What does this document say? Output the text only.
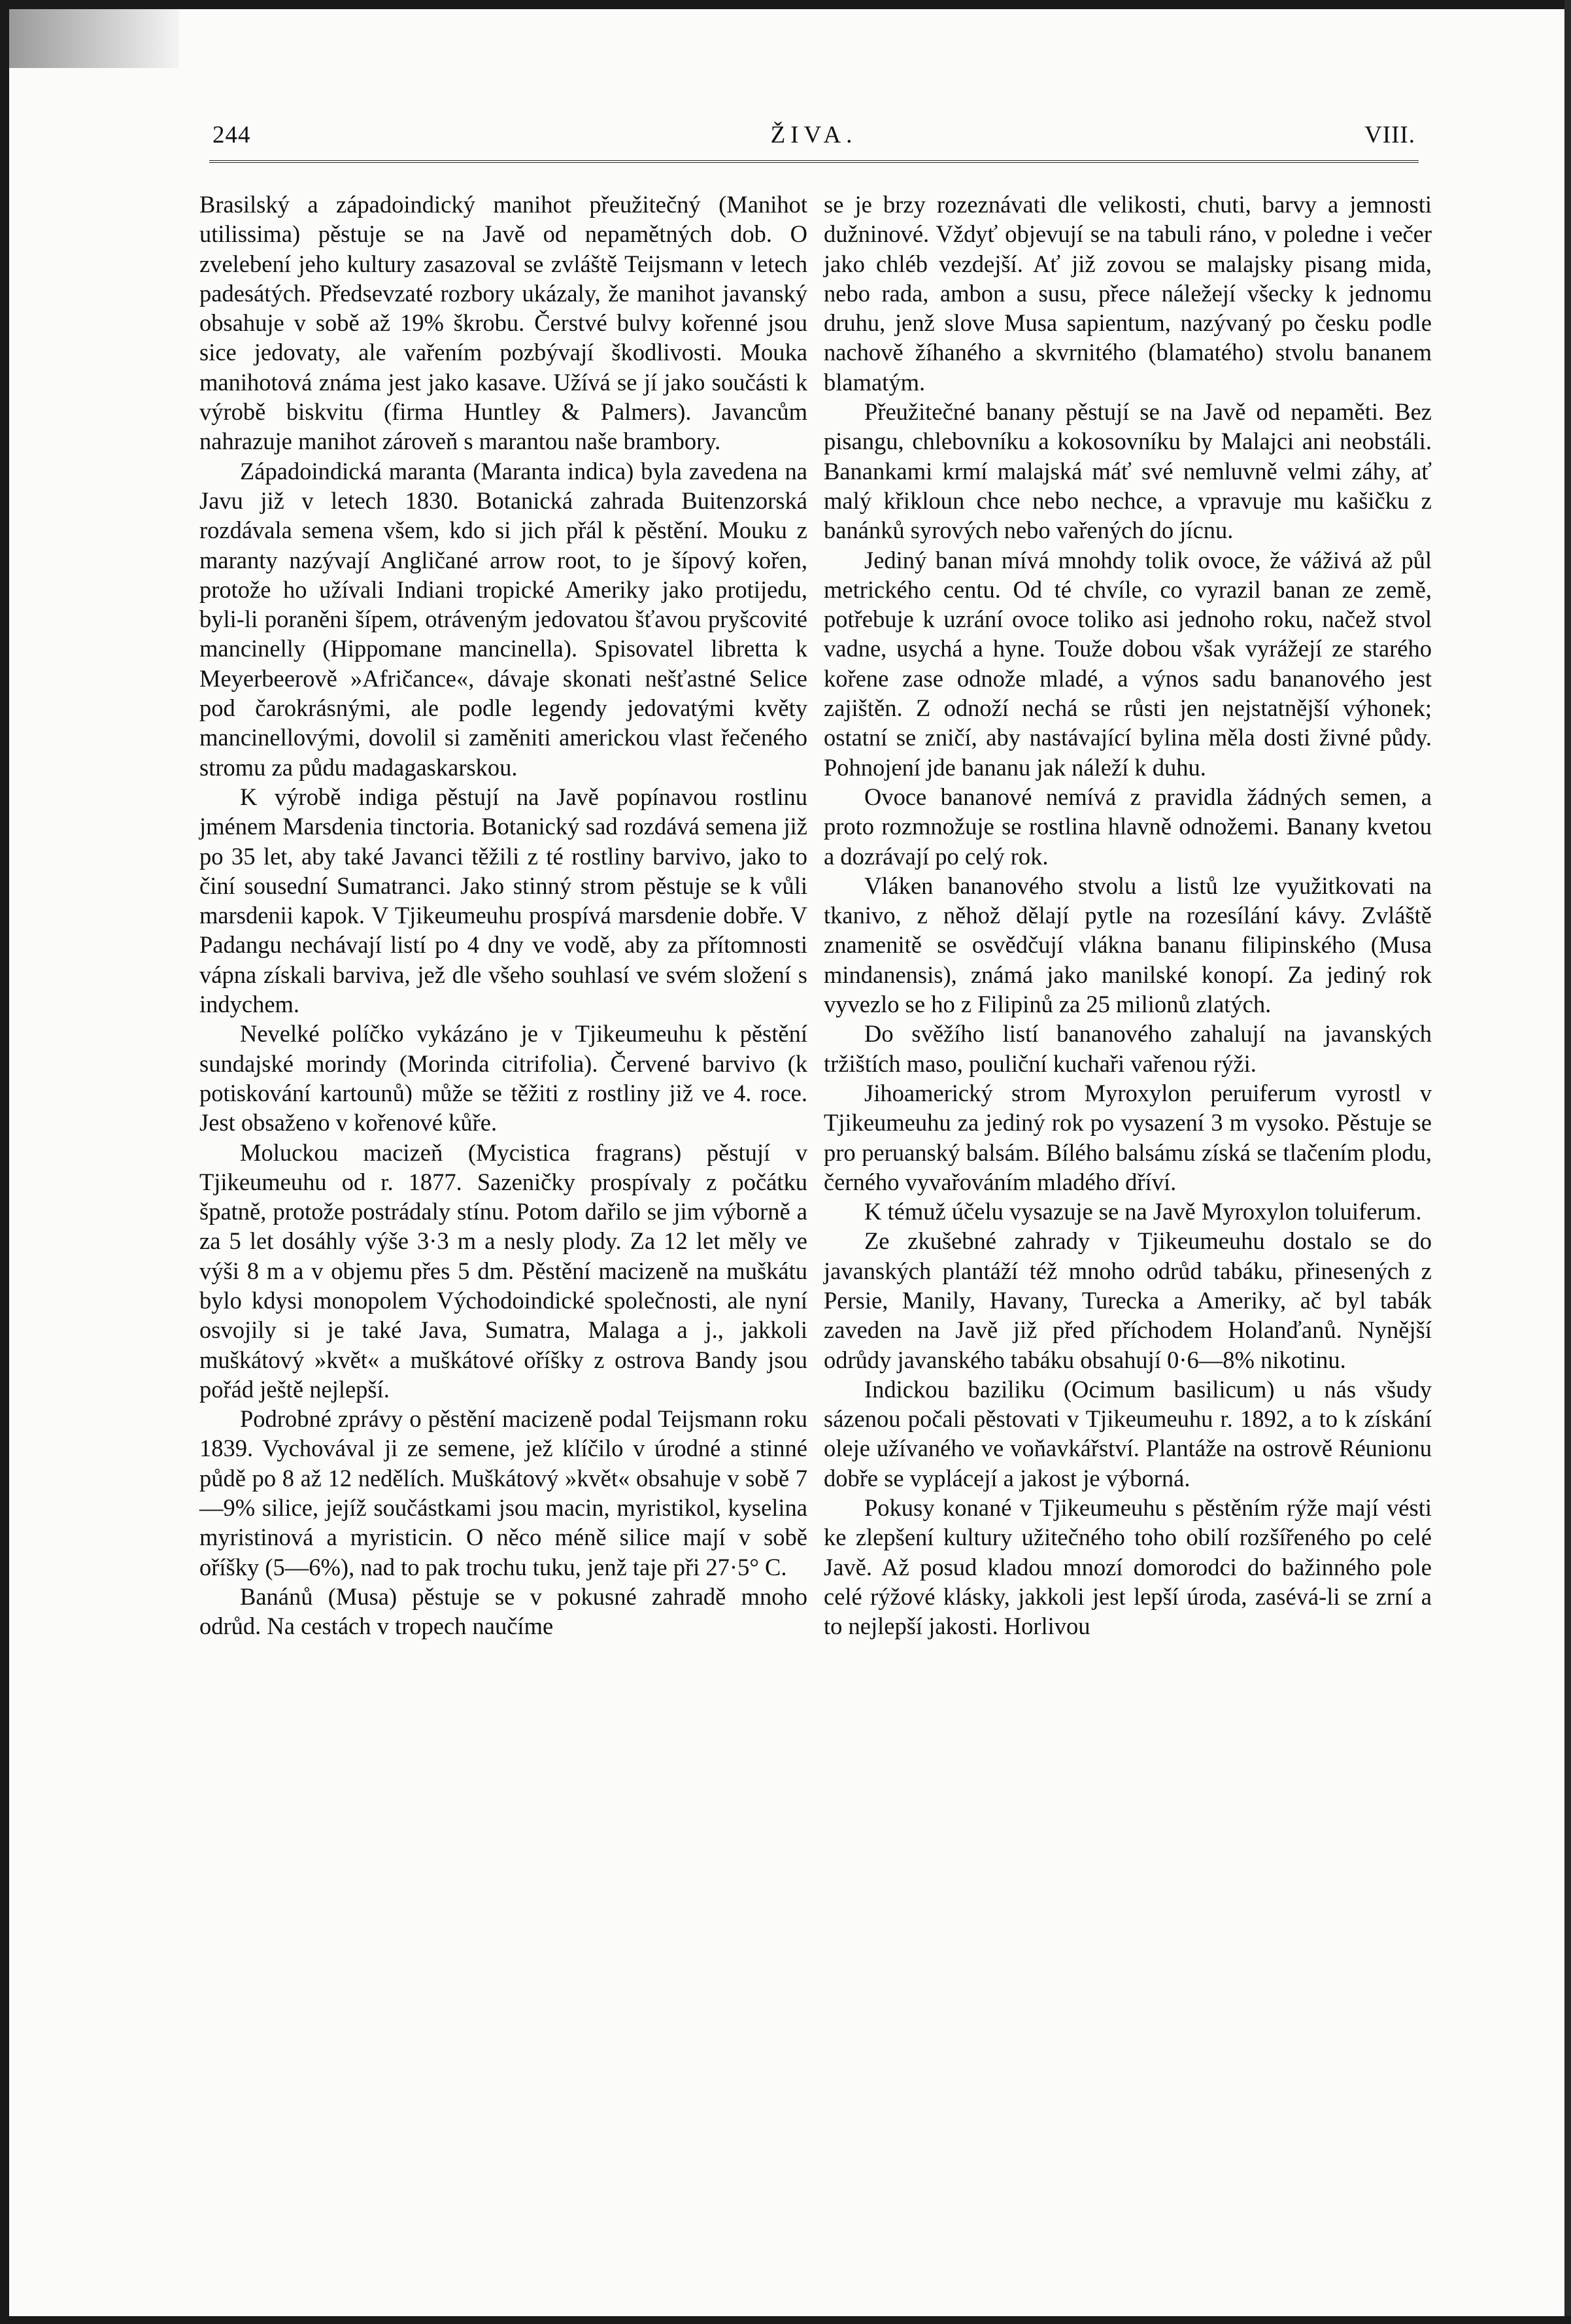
244	ŽIVA.	VIII.

Brasilský a západoindický manihot přeužitečný (Manihot utilissima) pěstuje se na Javě od nepamětných dob. O zvelebení jeho kultury zasazoval se zvláště Teijsmann v letech padesátých. Předsevzaté rozbory ukázaly, že manihot javanský obsahuje v sobě až 19% škrobu. Čerstvé bulvy kořenné jsou sice jedovaty, ale vařením pozbývají škodlivosti. Mouka manihotová známa jest jako kasave. Užívá se jí jako součásti k výrobě biskvitu (firma Huntley & Palmers). Javancům nahrazuje manihot zároveň s marantou naše brambory.

Západoindická maranta (Maranta indica) byla zavedena na Javu již v letech 1830. Botanická zahrada Buitenzorská rozdávala semena všem, kdo si jich přál k pěstění. Mouku z maranty nazývají Angličané arrow root, to je šípový kořen, protože ho užívali Indiani tropické Ameriky jako protijedu, byli-li poraněni šípem, otráveným jedovatou šťavou pryšcovité mancinelly (Hippomane mancinella). Spisovatel libretta k Meyerbeerově »Afričance«, dávaje skonati nešťastné Selice pod čarokrásnými, ale podle legendy jedovatými květy mancinellovými, dovolil si zaměniti americkou vlast řečeného stromu za půdu madagaskarskou.

K výrobě indiga pěstují na Javě popínavou rostlinu jménem Marsdenia tinctoria. Botanický sad rozdává semena již po 35 let, aby také Javanci těžili z té rostliny barvivo, jako to činí sousední Sumatranci. Jako stinný strom pěstuje se k vůli marsdenii kapok. V Tjikeumeuhu prospívá marsdenie dobře. V Padangu nechávají listí po 4 dny ve vodě, aby za přítomnosti vápna získali barviva, jež dle všeho souhlasí ve svém složení s indychem.

Nevelké políčko vykázáno je v Tjikeumeuhu k pěstění sundajské morindy (Morinda citrifolia). Červené barvivo (k potiskování kartounů) může se těžiti z rostliny již ve 4. roce. Jest obsaženo v kořenové kůře.

Moluckou macizeň (Mycistica fragrans) pěstují v Tjikeumeuhu od r. 1877. Sazeničky prospívaly z počátku špatně, protože postrádaly stínu. Potom dařilo se jim výborně a za 5 let dosáhly výše 3·3 m a nesly plody. Za 12 let měly ve výši 8 m a v objemu přes 5 dm. Pěstění macizeně na muškátu bylo kdysi monopolem Východoindické společnosti, ale nyní osvojily si je také Java, Sumatra, Malaga a j., jakkoli muškátový »květ« a muškátové oříšky z ostrova Bandy jsou pořád ještě nejlepší.

Podrobné zprávy o pěstění macizeně podal Teijsmann roku 1839. Vychovával ji ze semene, jež klíčilo v úrodné a stinné půdě po 8 až 12 nedělích. Muškátový »květ« obsahuje v sobě 7—9% silice, jejíž součástkami jsou macin, myristikol, kyselina myristinová a myristicin. O něco méně silice mají v sobě oříšky (5—6%), nad to pak trochu tuku, jenž taje při 27·5° C.

Banánů (Musa) pěstuje se v pokusné zahradě mnoho odrůd. Na cestách v tropech naučíme

se je brzy rozeznávati dle velikosti, chuti, barvy a jemnosti dužninové. Vždyť objevují se na tabuli ráno, v poledne i večer jako chléb vezdejší. Ať již zovou se malajsky pisang mida, nebo rada, ambon a susu, přece náležejí všecky k jednomu druhu, jenž slove Musa sapientum, nazývaný po česku podle nachově žíhaného a skvrnitého (blamatého) stvolu bananem blamatým.

Přeužitečné banany pěstují se na Javě od nepaměti. Bez pisangu, chlebovníku a kokosovníku by Malajci ani neobstáli. Banankami krmí malajská máť své nemluvně velmi záhy, ať malý křikloun chce nebo nechce, a vpravuje mu kašičku z banánků syrových nebo vařených do jícnu.

Jediný banan mívá mnohdy tolik ovoce, že váživá až půl metrického centu. Od té chvíle, co vyrazil banan ze země, potřebuje k uzrání ovoce toliko asi jednoho roku, načež stvol vadne, usychá a hyne. Touže dobou však vyrážejí ze starého kořene zase odnože mladé, a výnos sadu bananového jest zajištěn. Z odnoží nechá se růsti jen nejstatnější výhonek; ostatní se zničí, aby nastávající bylina měla dosti živné půdy. Pohnojení jde bananu jak náleží k duhu.

Ovoce bananové nemívá z pravidla žádných semen, a proto rozmnožuje se rostlina hlavně odnožemi. Banany kvetou a dozrávají po celý rok.

Vláken bananového stvolu a listů lze využitkovati na tkanivo, z něhož dělají pytle na rozesílání kávy. Zvláště znamenitě se osvědčují vlákna bananu filipinského (Musa mindanensis), známá jako manilské konopí. Za jediný rok vyvezlo se ho z Filipinů za 25 milionů zlatých.

Do svěžího listí bananového zahalují na javanských tržištích maso, pouliční kuchaři vařenou rýži.

Jihoamerický strom Myroxylon peruiferum vyrostl v Tjikeumeuhu za jediný rok po vysazení 3 m vysoko. Pěstuje se pro peruanský balsám. Bílého balsámu získá se tlačením plodu, černého vyvařováním mladého dříví.

K témuž účelu vysazuje se na Javě Myroxylon toluiferum.

Ze zkušebné zahrady v Tjikeumeuhu dostalo se do javanských plantáží též mnoho odrůd tabáku, přinesených z Persie, Manily, Havany, Turecka a Ameriky, ač byl tabák zaveden na Javě již před příchodem Holanďanů. Nynější odrůdy javanského tabáku obsahují 0·6—8% nikotinu.

Indickou baziliku (Ocimum basilicum) u nás všudy sázenou počali pěstovati v Tjikeumeuhu r. 1892, a to k získání oleje užívaného ve voňavkářství. Plantáže na ostrově Réunionu dobře se vyplácejí a jakost je výborná.

Pokusy konané v Tjikeumeuhu s pěstěním rýže mají vésti ke zlepšení kultury užitečného toho obilí rozšířeného po celé Javě. Až posud kladou mnozí domorodci do bažinného pole celé rýžové klásky, jakkoli jest lepší úroda, zasévá-li se zrní a to nejlepší jakosti. Horlivou
